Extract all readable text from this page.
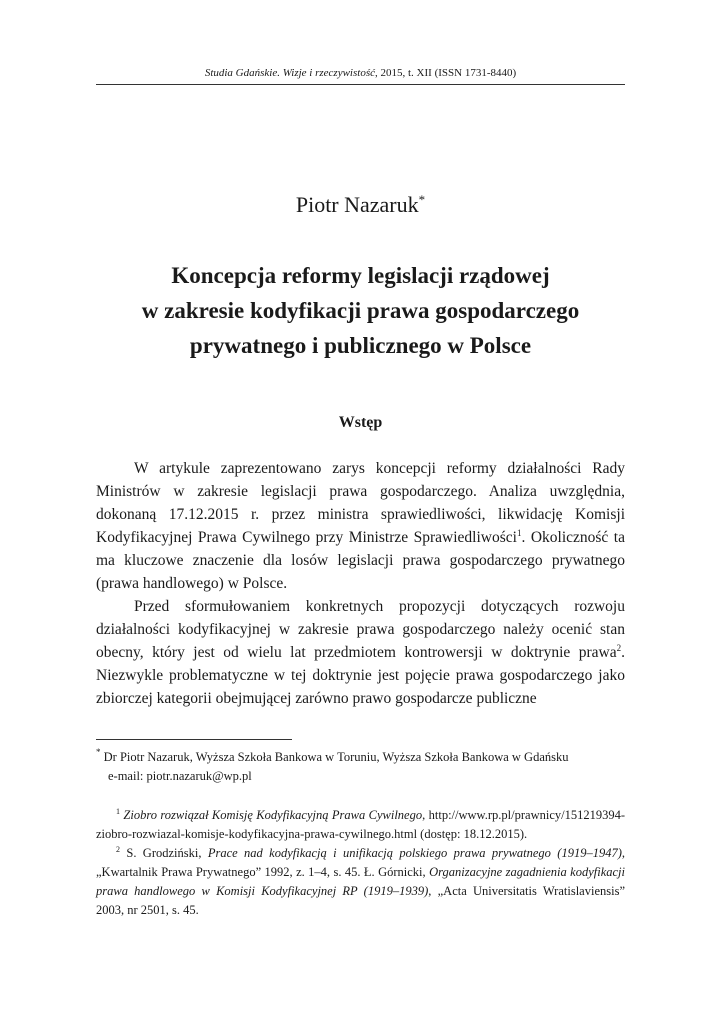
Studia Gdańskie. Wizje i rzeczywistość, 2015, t. XII (ISSN 1731-8440)
Piotr Nazaruk*
Koncepcja reformy legislacji rządowej
w zakresie kodyfikacji prawa gospodarczego
prywatnego i publicznego w Polsce
Wstęp

W artykule zaprezentowano zarys koncepcji reformy działalności Rady Ministrów w zakresie legislacji prawa gospodarczego. Analiza uwzględnia, dokonaną 17.12.2015 r. przez ministra sprawiedliwości, likwidację Komisji Kodyfikacyjnej Prawa Cywilnego przy Ministrze Sprawiedliwości$^1$. Okoliczność ta ma kluczowe znaczenie dla losów legislacji prawa gospodarczego prywatnego (prawa handlowego) w Polsce.

Przed sformułowaniem konkretnych propozycji dotyczących rozwoju działalności kodyfikacyjnej w zakresie prawa gospodarczego należy ocenić stan obecny, który jest od wielu lat przedmiotem kontrowersji w doktrynie prawa$^2$. Niezwykle problematyczne w tej doktrynie jest pojęcie prawa gospodarczego jako zbiorczej kategorii obejmującej zarówno prawo gospodarcze publiczne

* Dr Piotr Nazaruk, Wyższa Szkoła Bankowa w Toruniu, Wyższa Szkoła Bankowa w Gdańsku
e-mail: piotr.nazaruk@wp.pl

$^1$ Ziobro rozwiązał Komisję Kodyfikacyjną Prawa Cywilnego, http://www.rp.pl/prawnicy/151219394-ziobro-rozwiazal-komisje-kodyfikacyjna-prawa-cywilnego.html (dostęp: 18.12.2015).

$^2$ S. Grodziński, Prace nad kodyfikacją i unifikacją polskiego prawa prywatnego (1919–1947), „Kwartalnik Prawa Prywatnego” 1992, z. 1–4, s. 45. Ł. Górnicki, Organizacyjne zagadnienia kodyfikacji prawa handlowego w Komisji Kodyfikacyjnej RP (1919–1939), „Acta Universitatis Wratislaviensis” 2003, nr 2501, s. 45.
